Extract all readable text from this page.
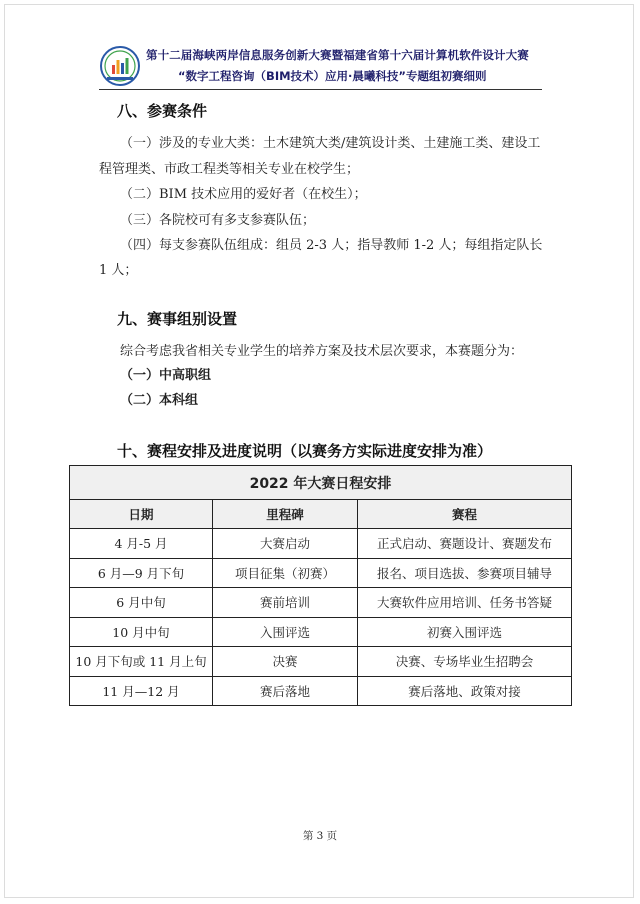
第十二届海峡两岸信息服务创新大赛暨福建省第十六届计算机软件设计大赛
“数字工程咨询（BIM技术）应用·晨曦科技”专题组初赛细则
八、参赛条件
（一）涉及的专业大类：土木建筑大类/建筑设计类、土建施工类、建设工
程管理类、市政工程类等相关专业在校学生；
（二）BIM 技术应用的爱好者（在校生）；
（三）各院校可有多支参赛队伍；
（四）每支参赛队伍组成：组员 2-3 人；指导教师 1-2 人；每组指定队长
1 人；
九、赛事组别设置
综合考虑我省相关专业学生的培养方案及技术层次要求，本赛题分为：
（一）中高职组
（二）本科组
十、赛程安排及进度说明（以赛务方实际进度安排为准）
2022 年大赛日程安排		
日期	里程碑	赛程
4 月-5 月	大赛启动	正式启动、赛题设计、赛题发布
6 月—9 月下旬	项目征集（初赛）	报名、项目选拔、参赛项目辅导
6 月中旬	赛前培训	大赛软件应用培训、任务书答疑
10 月中旬	入围评选	初赛入围评选
10 月下旬或 11 月上旬	决赛	决赛、专场毕业生招聘会
11 月—12 月	赛后落地	赛后落地、政策对接
第 3 页
